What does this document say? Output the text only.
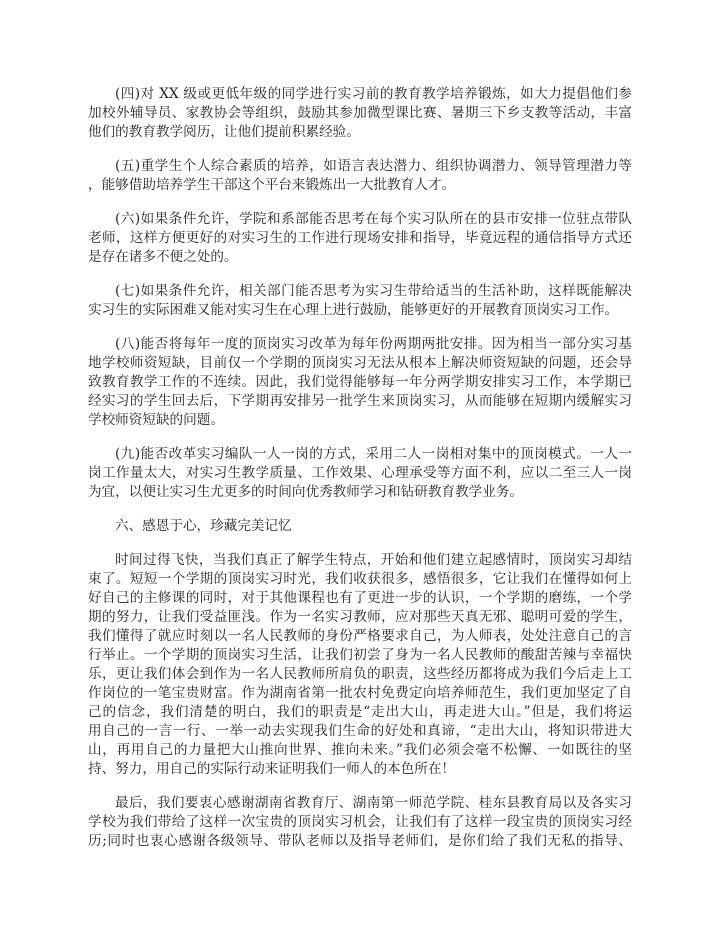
(四)对 XX 级或更低年级的同学进行实习前的教育教学培养锻炼，如大力提倡他们参
加校外辅导员、家教协会等组织，鼓励其参加微型课比赛、暑期三下乡支教等活动，丰富
他们的教育教学阅历，让他们提前积累经验。
(五)重学生个人综合素质的培养，如语言表达潜力、组织协调潜力、领导管理潜力等
，能够借助培养学生干部这个平台来锻炼出一大批教育人才。
(六)如果条件允许，学院和系部能否思考在每个实习队所在的县市安排一位驻点带队
老师，这样方便更好的对实习生的工作进行现场安排和指导，毕竟远程的通信指导方式还
是存在诸多不便之处的。
(七)如果条件允许，相关部门能否思考为实习生带给适当的生活补助，这样既能解决
实习生的实际困难又能对实习生在心理上进行鼓励，能够更好的开展教育顶岗实习工作。
(八)能否将每年一度的顶岗实习改革为每年份两期两批安排。因为相当一部分实习基
地学校师资短缺，目前仅一个学期的顶岗实习无法从根本上解决师资短缺的问题，还会导
致教育教学工作的不连续。因此，我们觉得能够每一年分两学期安排实习工作，本学期已
经实习的学生回去后，下学期再安排另一批学生来顶岗实习，从而能够在短期内缓解实习
学校师资短缺的问题。
(九)能否改革实习编队一人一岗的方式，采用二人一岗相对集中的顶岗模式。一人一
岗工作量太大，对实习生教学质量、工作效果、心理承受等方面不利，应以二至三人一岗
为宜，以便让实习生尤更多的时间向优秀教师学习和钻研教育教学业务。
六、感恩于心，珍藏完美记忆
时间过得飞快，当我们真正了解学生特点，开始和他们建立起感情时，顶岗实习却结
束了。短短一个学期的顶岗实习时光，我们收获很多，感悟很多，它让我们在懂得如何上
好自己的主修课的同时，对于其他课程也有了更进一步的认识，一个学期的磨练，一个学
期的努力，让我们受益匪浅。作为一名实习教师，应对那些天真无邪、聪明可爱的学生，
我们懂得了就应时刻以一名人民教师的身份严格要求自己，为人师表，处处注意自己的言
行举止。一个学期的顶岗实习生活，让我们初尝了身为一名人民教师的酸甜苦辣与幸福快
乐，更让我们体会到作为一名人民教师所肩负的职责，这些经历都将成为我们今后走上工
作岗位的一笔宝贵财富。作为湖南省第一批农村免费定向培养师范生，我们更加坚定了自
己的信念，我们清楚的明白，我们的职责是“走出大山，再走进大山。”但是，我们将运
用自己的一言一行、一举一动去实现我们生命的好处和真谛，“走出大山，将知识带进大
山，再用自己的力量把大山推向世界、推向未来。”我们必须会毫不松懈、一如既往的坚
持、努力，用自己的实际行动来证明我们一师人的本色所在！
最后，我们要衷心感谢湖南省教育厅、湖南第一师范学院、桂东县教育局以及各实习
学校为我们带给了这样一次宝贵的顶岗实习机会，让我们有了这样一段宝贵的顶岗实习经
历;同时也衷心感谢各级领导、带队老师以及指导老师们，是你们给了我们无私的指导、
